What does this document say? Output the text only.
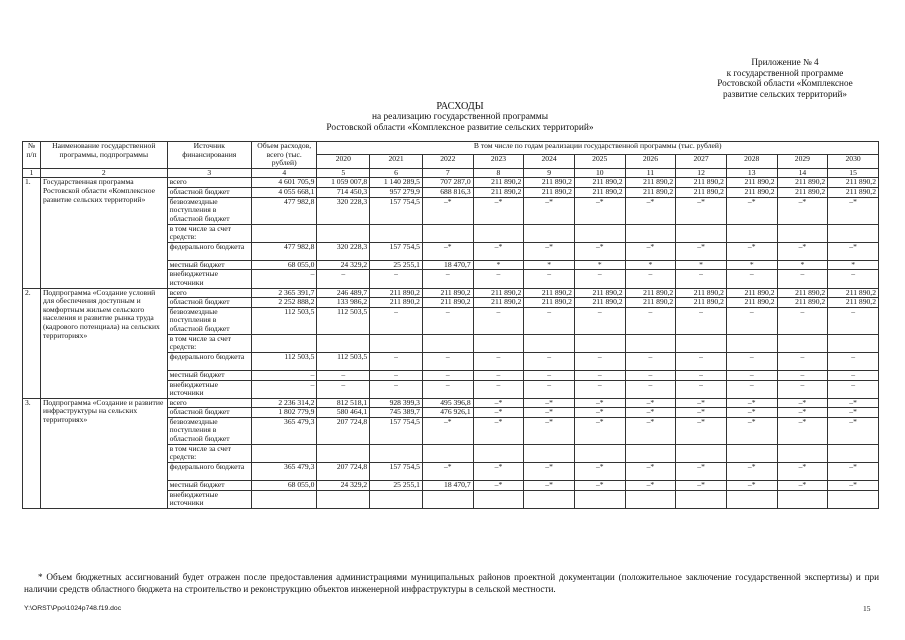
Приложение № 4
к государственной программе
Ростовской области «Комплексное
развитие сельских территорий»
РАСХОДЫ
на реализацию государственной программы
Ростовской области «Комплексное развитие сельских территорий»
№ п/п	Наименование государственной программы, подпрограммы	Источник финансирования	Объем расходов, всего (тыс. рублей)	В том числе по годам реализации государственной программы (тыс. рублей)										
				2020	2021	2022	2023	2024	2025	2026	2027	2028	2029	2030
1	2	3	4	5	6	7	8	9	10	11	12	13	14	15
1.	Государственная программа Ростовской области «Комплексное развитие сельских территорий»	всего	4 601 705,9	1 059 007,8	1 140 289,5	707 287,0	211 890,2	211 890,2	211 890,2	211 890,2	211 890,2	211 890,2	211 890,2	211 890,2
		областной бюджет	4 055 668,1	714 450,3	957 279,9	688 816,3	211 890,2	211 890,2	211 890,2	211 890,2	211 890,2	211 890,2	211 890,2	211 890,2
		безвозмездные поступления в областной бюджет	477 982,8	320 228,3	157 754,5	–*	–*	–*	–*	–*	–*	–*	–*	–*
		в том числе за счет средств:												
		федерального бюджета	477 982,8	320 228,3	157 754,5	–*	–*	–*	–*	–*	–*	–*	–*	–*
		местный бюджет	68 055,0	24 329,2	25 255,1	18 470,7	*	*	*	*	*	*	*	*
		внебюджетные источники	–	–	–	–	–	–	–	–	–	–	–	–
2.	Подпрограмма «Создание условий для обеспечения доступным и комфортным жильем сельского населения и развитие рынка труда (кадрового потенциала) на сельских территориях»	всего	2 365 391,7	246 489,7	211 890,2	211 890,2	211 890,2	211 890,2	211 890,2	211 890,2	211 890,2	211 890,2	211 890,2	211 890,2
		областной бюджет	2 252 888,2	133 986,2	211 890,2	211 890,2	211 890,2	211 890,2	211 890,2	211 890,2	211 890,2	211 890,2	211 890,2	211 890,2
		безвозмездные поступления в областной бюджет	112 503,5	112 503,5	–	–	–	–	–	–	–	–	–	–
		в том числе за счет средств:												
		федерального бюджета	112 503,5	112 503,5	–	–	–	–	–	–	–	–	–	–
		местный бюджет	–	–	–	–	–	–	–	–	–	–	–	–
		внебюджетные источники	–	–	–	–	–	–	–	–	–	–	–	–
3.	Подпрограмма «Создание и развитие инфраструктуры на сельских территориях»	всего	2 236 314,2	812 518,1	928 399,3	495 396,8	–*	–*	–*	–*	–*	–*	–*	–*
		областной бюджет	1 802 779,9	580 464,1	745 389,7	476 926,1	–*	–*	–*	–*	–*	–*	–*	–*
		безвозмездные поступления в областной бюджет	365 479,3	207 724,8	157 754,5	–*	–*	–*	–*	–*	–*	–*	–*	–*
		в том числе за счет средств:												
		федерального бюджета	365 479,3	207 724,8	157 754,5	–*	–*	–*	–*	–*	–*	–*	–*	–*
		местный бюджет	68 055,0	24 329,2	25 255,1	18 470,7	–*	–*	–*	–*	–*	–*	–*	–*
		внебюджетные источники												
* Объем бюджетных ассигнований будет отражен после предоставления администрациями муниципальных районов проектной документации (положительное заключение государственной экспертизы) и при наличии средств областного бюджета на строительство и реконструкцию объектов инженерной инфраструктуры в сельской местности.
Y:\ORST\Ppo\1024p748.f19.doc	15
